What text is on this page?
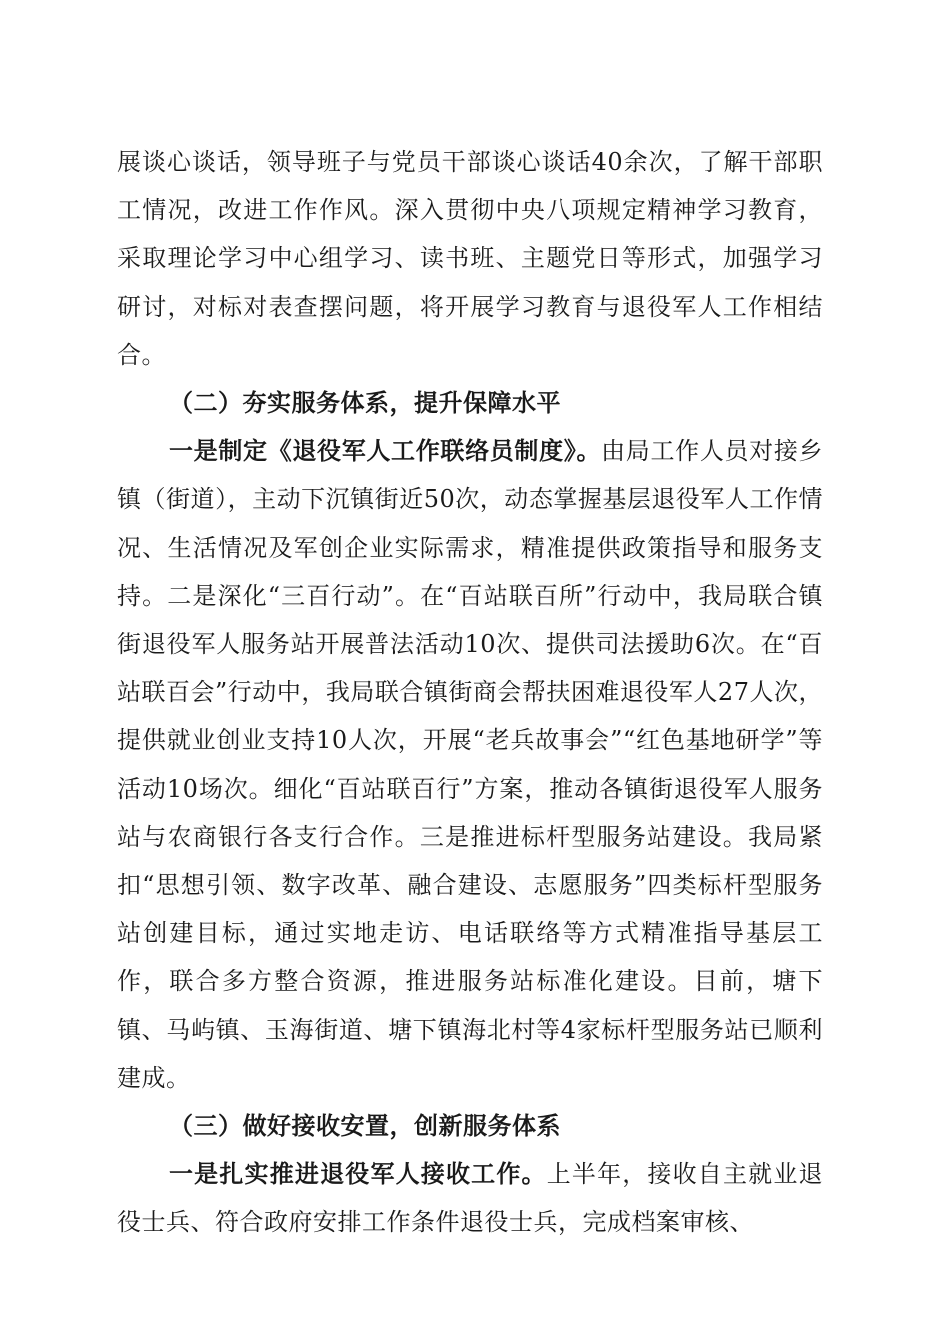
展谈心谈话，领导班子与党员干部谈心谈话40余次，了解干部职工情况，改进工作作风。深入贯彻中央八项规定精神学习教育，采取理论学习中心组学习、读书班、主题党日等形式，加强学习研讨，对标对表查摆问题，将开展学习教育与退役军人工作相结合。

（二）夯实服务体系，提升保障水平

一是制定《退役军人工作联络员制度》。由局工作人员对接乡镇（街道），主动下沉镇街近50次，动态掌握基层退役军人工作情况、生活情况及军创企业实际需求，精准提供政策指导和服务支持。二是深化“三百行动”。在“百站联百所”行动中，我局联合镇街退役军人服务站开展普法活动10次、提供司法援助6次。在“百站联百会”行动中，我局联合镇街商会帮扶困难退役军人27人次，提供就业创业支持10人次，开展“老兵故事会”“红色基地研学”等活动10场次。细化“百站联百行”方案，推动各镇街退役军人服务站与农商银行各支行合作。三是推进标杆型服务站建设。我局紧扣“思想引领、数字改革、融合建设、志愿服务”四类标杆型服务站创建目标，通过实地走访、电话联络等方式精准指导基层工作，联合多方整合资源，推进服务站标准化建设。目前，塘下镇、马屿镇、玉海街道、塘下镇海北村等4家标杆型服务站已顺利建成。

（三）做好接收安置，创新服务体系

一是扎实推进退役军人接收工作。上半年，接收自主就业退役士兵、符合政府安排工作条件退役士兵，完成档案审核、
